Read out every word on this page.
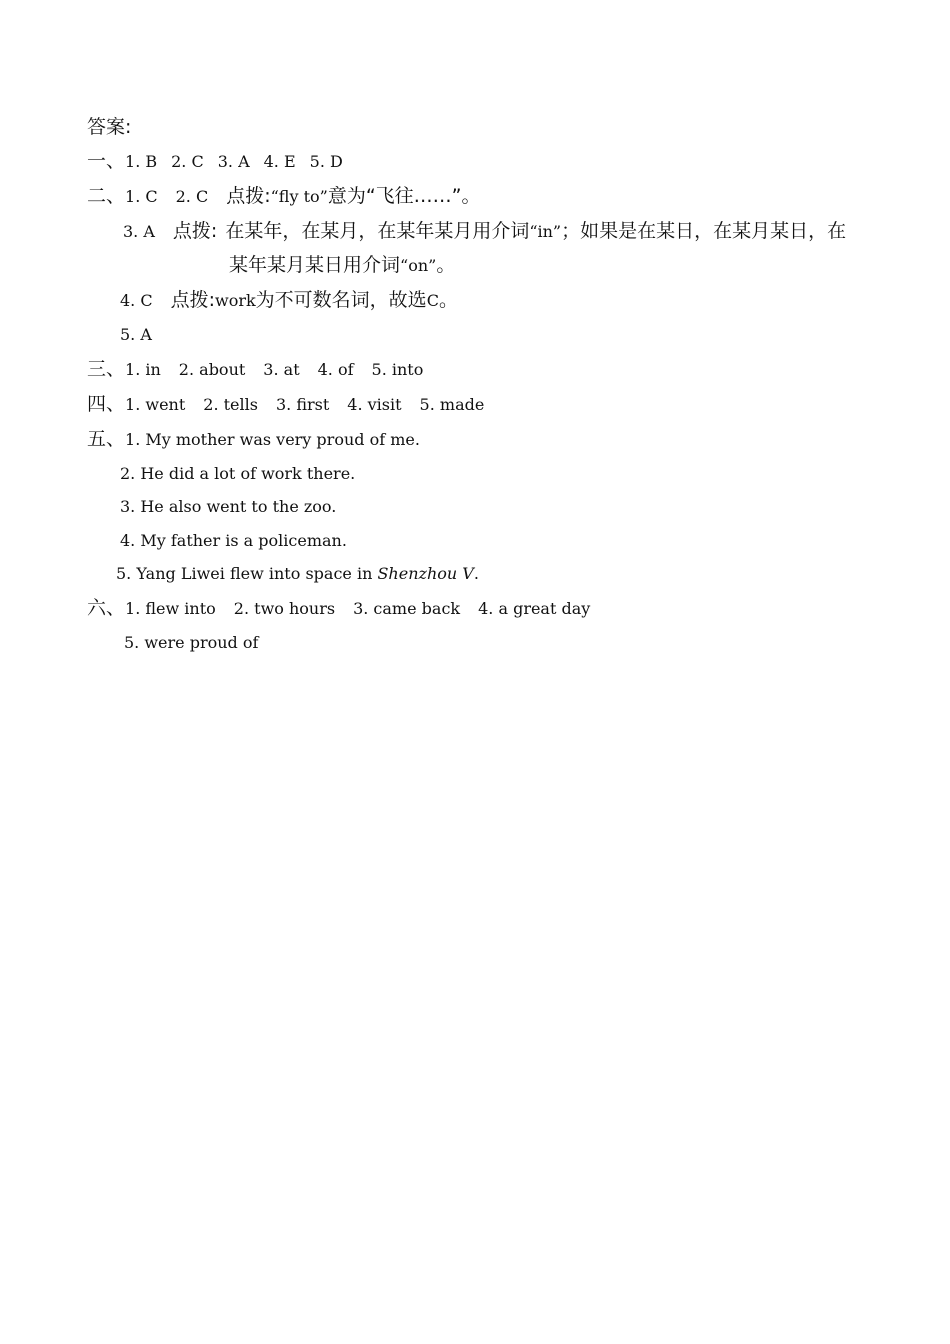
答案:
一、1. B 2. C 3. A 4. E 5. D
二、1. C 2. C 点拨:“fly to”意为“飞往……”。
3. A 点拨: 在某年，在某月，在某年某月用介词“in”；如果是在某日，在某月某日，在
某年某月某日用介词“on”。
4. C 点拨:work为不可数名词，故选C。
5. A
三、1. in 2. about 3. at 4. of 5. into
四、1. went 2. tells 3. first 4. visit 5. made
五、1. My mother was very proud of me.
2. He did a lot of work there.
3. He also went to the zoo.
4. My father is a policeman.
5. Yang Liwei flew into space in Shenzhou V.
六、1. flew into 2. two hours 3. came back 4. a great day
5. were proud of
